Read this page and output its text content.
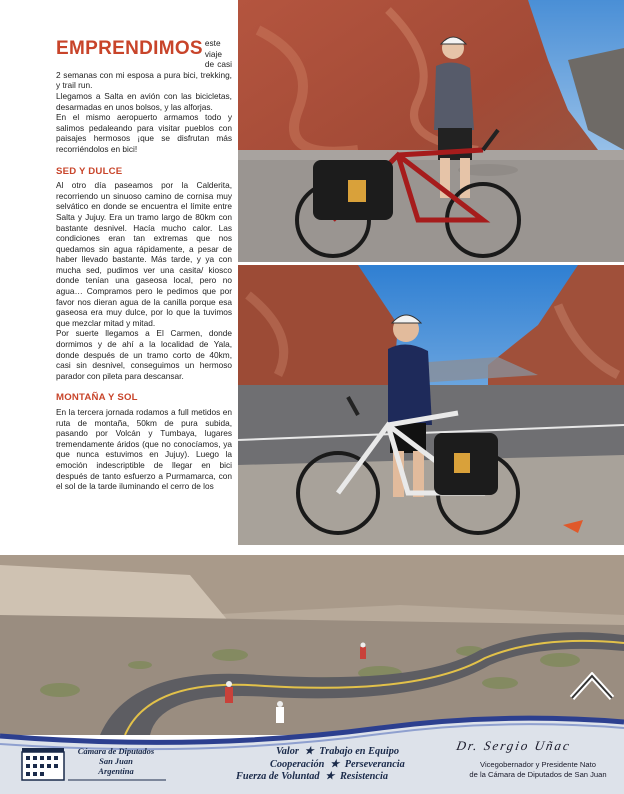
EMPRENDIMOS este viaje de casi 2 semanas con mi esposa a pura bici, trekking, y trail run.

Llegamos a Salta en avión con las bicicletas, desarmadas en unos bolsos, y las alforjas.

En el mismo aeropuerto armamos todo y salimos pedaleando para visitar pueblos con paisajes hermosos ¡que se disfrutan más recorriéndolos en bici!

SED Y DULCE

Al otro día paseamos por la Calderita, recorriendo un sinuoso camino de cornisa muy selvático en donde se encuentra el límite entre Salta y Jujuy. Era un tramo largo de 80km con bastante desnivel. Hacía mucho calor. Las condiciones eran tan extremas que nos quedamos sin agua rápidamente, a pesar de haber llevado bastante. Más tarde, y ya con mucha sed, pudimos ver una casita/ kiosco donde tenían una gaseosa local, pero no agua… Compramos pero le pedimos que por favor nos dieran agua de la canilla porque esa gaseosa era muy dulce, por lo que la tuvimos que mezclar mitad y mitad.

Por suerte llegamos a El Carmen, donde dormimos y de ahí a la localidad de Yala, donde después de un tramo corto de 40km, casi sin desnivel, conseguimos un hermoso parador con pileta para descansar.

MONTAÑA Y SOL

En la tercera jornada rodamos a full metidos en ruta de montaña, 50km de pura subida, pasando por Volcán y Tumbaya, lugares tremendamente áridos (que no conocíamos, ya que nunca estuvimos en Jujuy). Luego la emoción indescriptible de llegar en bici después de tanto esfuerzo a Purmamarca, con el sol de la tarde iluminando el cerro de los

Cámara de Diputados
San Juan
Argentina
Valor ★ Trabajo en Equipo
Cooperación ★ Perseverancia
Fuerza de Voluntad ★ Resistencia
Dr. Sergio Uñac
Vicegobernador y Presidente Nato
de la Cámara de Diputados de San Juan
